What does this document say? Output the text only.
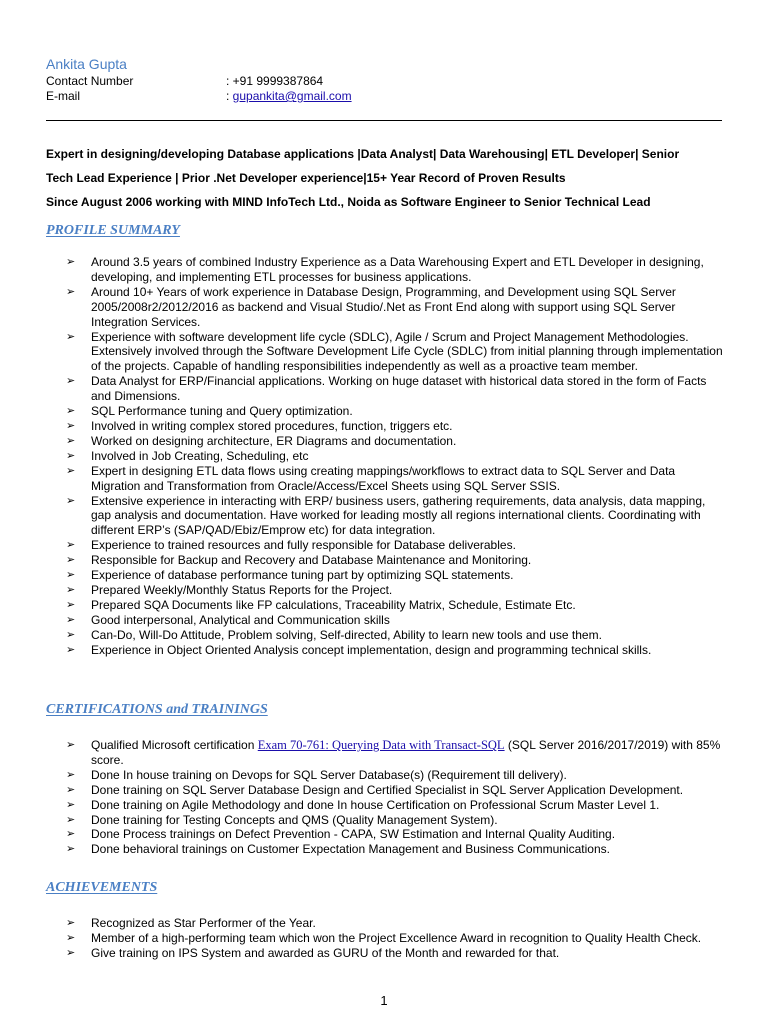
Ankita Gupta
Contact Number	: +91 9999387864
E-mail	: gupankita@gmail.com
Expert in designing/developing Database applications |Data Analyst| Data Warehousing| ETL Developer| Senior
Tech Lead Experience | Prior .Net Developer experience|15+ Year Record of Proven Results
Since August 2006 working with MIND InfoTech Ltd., Noida as Software Engineer to Senior Technical Lead
PROFILE SUMMARY
➢ Around 3.5 years of combined Industry Experience as a Data Warehousing Expert and ETL Developer in designing, developing, and implementing ETL processes for business applications.
➢ Around 10+ Years of work experience in Database Design, Programming, and Development using SQL Server 2005/2008r2/2012/2016 as backend and Visual Studio/.Net as Front End along with support using SQL Server Integration Services.
➢ Experience with software development life cycle (SDLC), Agile / Scrum and Project Management Methodologies. Extensively involved through the Software Development Life Cycle (SDLC) from initial planning through implementation of the projects. Capable of handling responsibilities independently as well as a proactive team member.
➢ Data Analyst for ERP/Financial applications. Working on huge dataset with historical data stored in the form of Facts and Dimensions.
➢ SQL Performance tuning and Query optimization.
➢ Involved in writing complex stored procedures, function, triggers etc.
➢ Worked on designing architecture, ER Diagrams and documentation.
➢ Involved in Job Creating, Scheduling, etc
➢ Expert in designing ETL data flows using creating mappings/workflows to extract data to SQL Server and Data Migration and Transformation from Oracle/Access/Excel Sheets using SQL Server SSIS.
➢ Extensive experience in interacting with ERP/ business users, gathering requirements, data analysis, data mapping, gap analysis and documentation. Have worked for leading mostly all regions international clients. Coordinating with different ERP’s (SAP/QAD/Ebiz/Emprow etc) for data integration.
➢ Experience to trained resources and fully responsible for Database deliverables.
➢ Responsible for Backup and Recovery and Database Maintenance and Monitoring.
➢ Experience of database performance tuning part by optimizing SQL statements.
➢ Prepared Weekly/Monthly Status Reports for the Project.
➢ Prepared SQA Documents like FP calculations, Traceability Matrix, Schedule, Estimate Etc.
➢ Good interpersonal, Analytical and Communication skills
➢ Can-Do, Will-Do Attitude, Problem solving, Self-directed, Ability to learn new tools and use them.
➢ Experience in Object Oriented Analysis concept implementation, design and programming technical skills.
CERTIFICATIONS and TRAININGS
➢ Qualified Microsoft certification Exam 70-761: Querying Data with Transact-SQL (SQL Server 2016/2017/2019) with 85% score.
➢ Done In house training on Devops for SQL Server Database(s) (Requirement till delivery).
➢ Done training on SQL Server Database Design and Certified Specialist in SQL Server Application Development.
➢ Done training on Agile Methodology and done In house Certification on Professional Scrum Master Level 1.
➢ Done training for Testing Concepts and QMS (Quality Management System).
➢ Done Process trainings on Defect Prevention - CAPA, SW Estimation and Internal Quality Auditing.
➢ Done behavioral trainings on Customer Expectation Management and Business Communications.
ACHIEVEMENTS
➢ Recognized as Star Performer of the Year.
➢ Member of a high-performing team which won the Project Excellence Award in recognition to Quality Health Check.
➢ Give training on IPS System and awarded as GURU of the Month and rewarded for that.
1
